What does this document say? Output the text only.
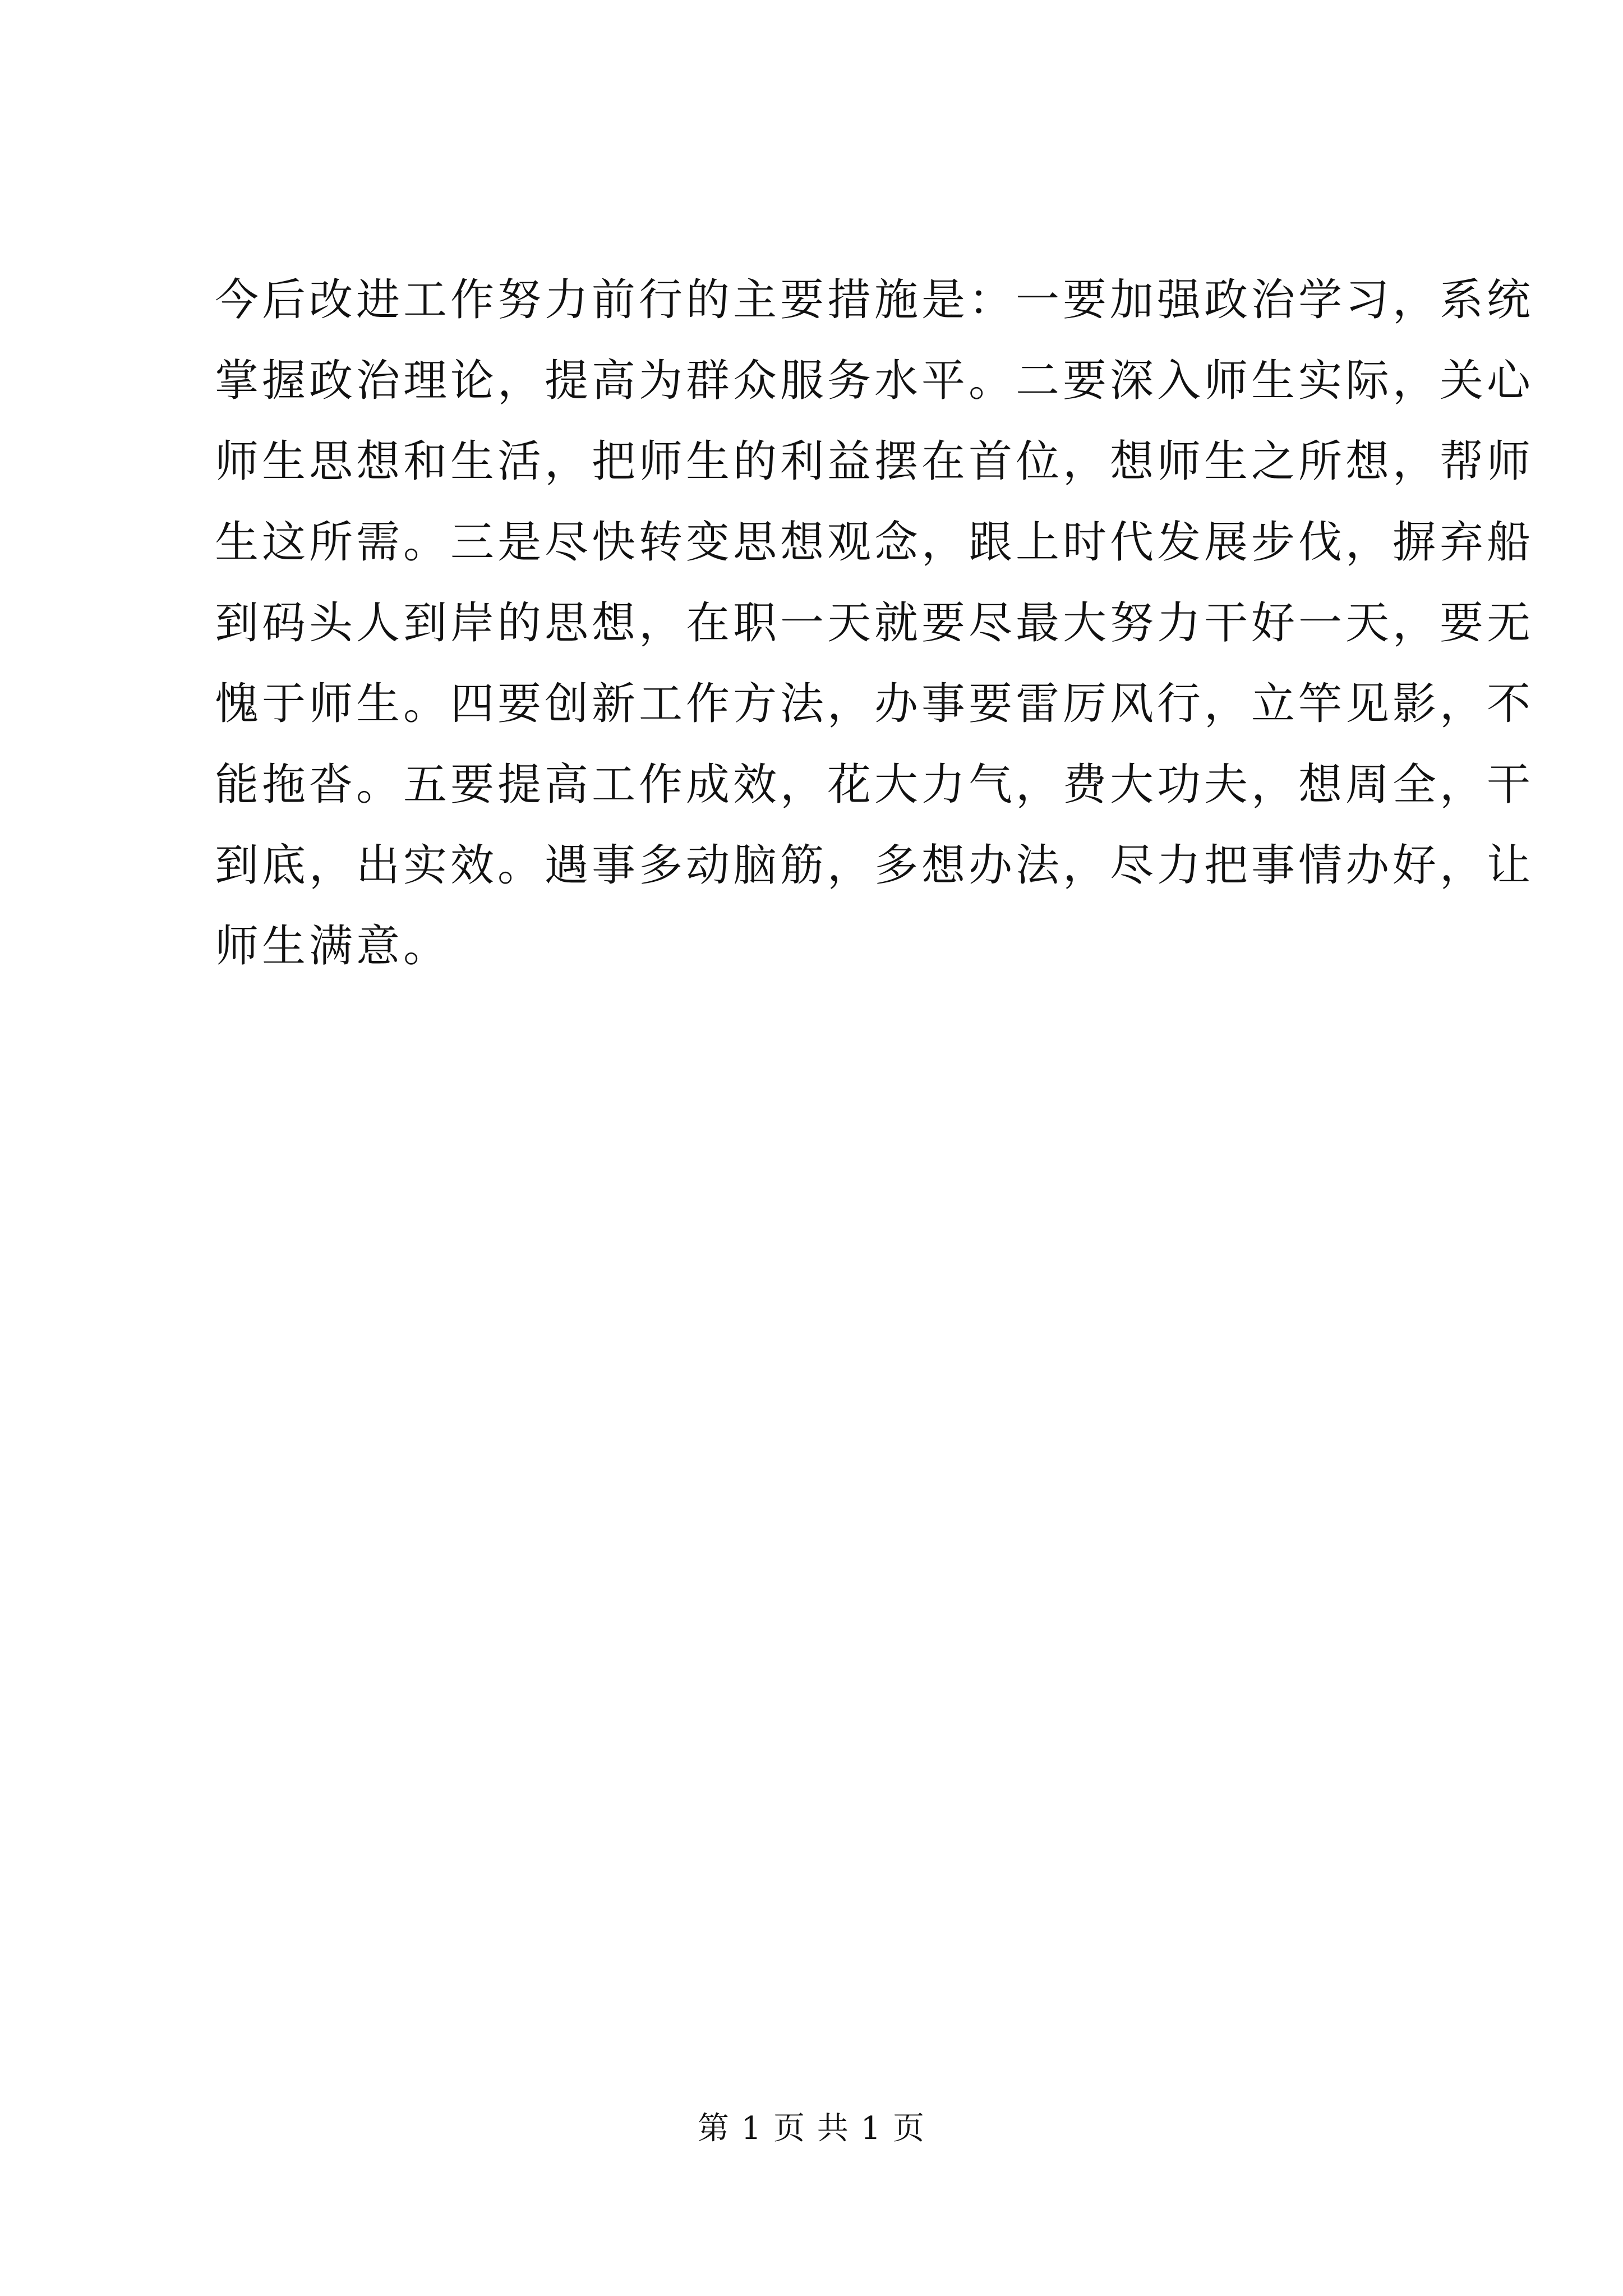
今后改进工作努力前行的主要措施是：一要加强政治学习，系统
掌握政治理论，提高为群众服务水平。二要深入师生实际，关心
师生思想和生活，把师生的利益摆在首位，想师生之所想，帮师
生这所需。三是尽快转变思想观念，跟上时代发展步伐，摒弃船
到码头人到岸的思想，在职一天就要尽最大努力干好一天，要无
愧于师生。四要创新工作方法，办事要雷厉风行，立竿见影，不
能拖沓。五要提高工作成效，花大力气，费大功夫，想周全，干
到底，出实效。遇事多动脑筋，多想办法，尽力把事情办好，让
师生满意。
第 1 页 共 1 页
